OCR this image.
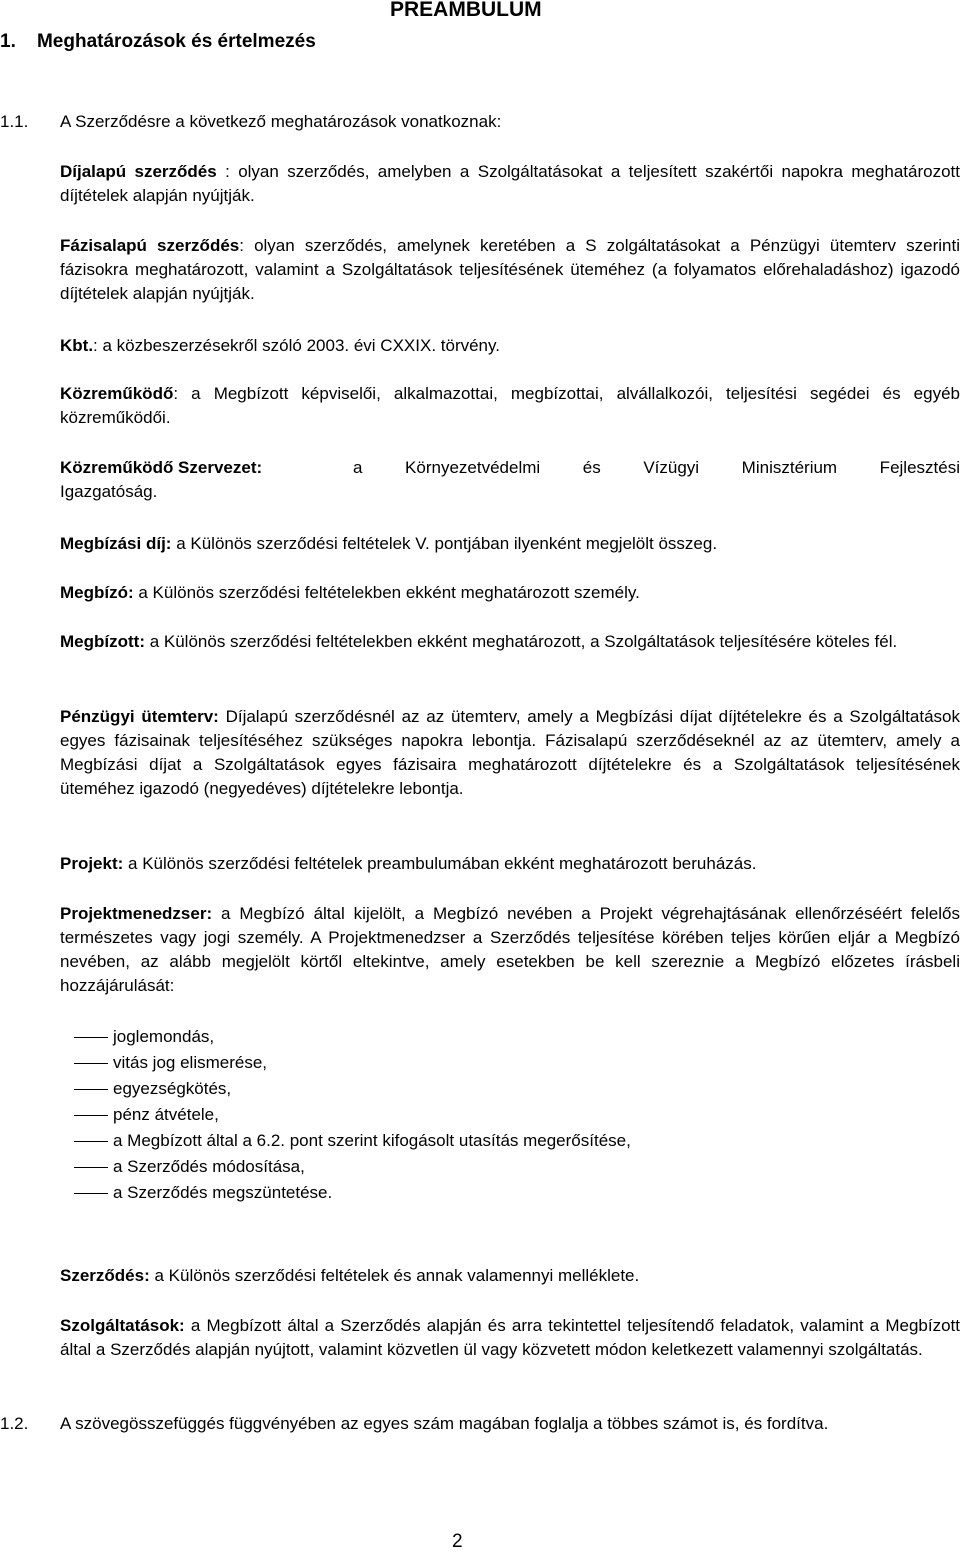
PREAMBULUM
1. Meghatározások és értelmezés
1.1. A Szerződésre a következő meghatározások vonatkoznak:
Díjalapú szerződés : olyan szerződés, amelyben a Szolgáltatásokat a teljesített szakértői napokra meghatározott díjtételek alapján nyújtják.
Fázisalapú szerződés: olyan szerződés, amelynek keretében a S zolgáltatásokat a Pénzügyi ütemterv szerinti fázisokra meghatározott, valamint a Szolgáltatások teljesítésének üteméhez (a folyamatos előrehaladáshoz) igazodó díjtételek alapján nyújtják.
Kbt.: a közbeszerzésekről szóló 2003. évi CXXIX. törvény.
Közreműködő: a Megbízott képviselői, alkalmazottai, megbízottai, alvállalkozói, teljesítési segédei és egyéb közreműködői.
Közreműködő Szervezet:	a Környezetvédelmi és Vízügyi Minisztérium Fejlesztési
Igazgatóság.
Megbízási díj: a Különös szerződési feltételek V. pontjában ilyenként megjelölt összeg.
Megbízó: a Különös szerződési feltételekben ekként meghatározott személy.
Megbízott: a Különös szerződési feltételekben ekként meghatározott, a Szolgáltatások teljesítésére köteles fél.
Pénzügyi ütemterv: Díjalapú szerződésnél az az ütemterv, amely a Megbízási díjat díjtételekre és a Szolgáltatások egyes fázisainak teljesítéséhez szükséges napokra lebontja. Fázisalapú szerződéseknél az az ütemterv, amely a Megbízási díjat a Szolgáltatások egyes fázisaira meghatározott díjtételekre és a Szolgáltatások teljesítésének üteméhez igazodó (negyedéves) díjtételekre lebontja.
Projekt: a Különös szerződési feltételek preambulumában ekként meghatározott beruházás.
Projektmenedzser: a Megbízó által kijelölt, a Megbízó nevében a Projekt végrehajtásának ellenőrzéséért felelős természetes vagy jogi személy. A Projektmenedzser a Szerződés teljesítése körében teljes körűen eljár a Megbízó nevében, az alább megjelölt körtől eltekintve, amely esetekben be kell szereznie a Megbízó előzetes írásbeli hozzájárulását:
joglemondás,
vitás jog elismerése,
egyezségkötés,
pénz átvétele,
a Megbízott által a 6.2. pont szerint kifogásolt utasítás megerősítése,
a Szerződés módosítása,
a Szerződés megszüntetése.
Szerződés: a Különös szerződési feltételek és annak valamennyi melléklete.
Szolgáltatások: a Megbízott által a Szerződés alapján és arra tekintettel teljesítendő feladatok, valamint a Megbízott által a Szerződés alapján nyújtott, valamint közvetlen ül vagy közvetett módon keletkezett valamennyi szolgáltatás.
1.2. A szövegösszefüggés függvényében az egyes szám magában foglalja a többes számot is, és fordítva.
2
